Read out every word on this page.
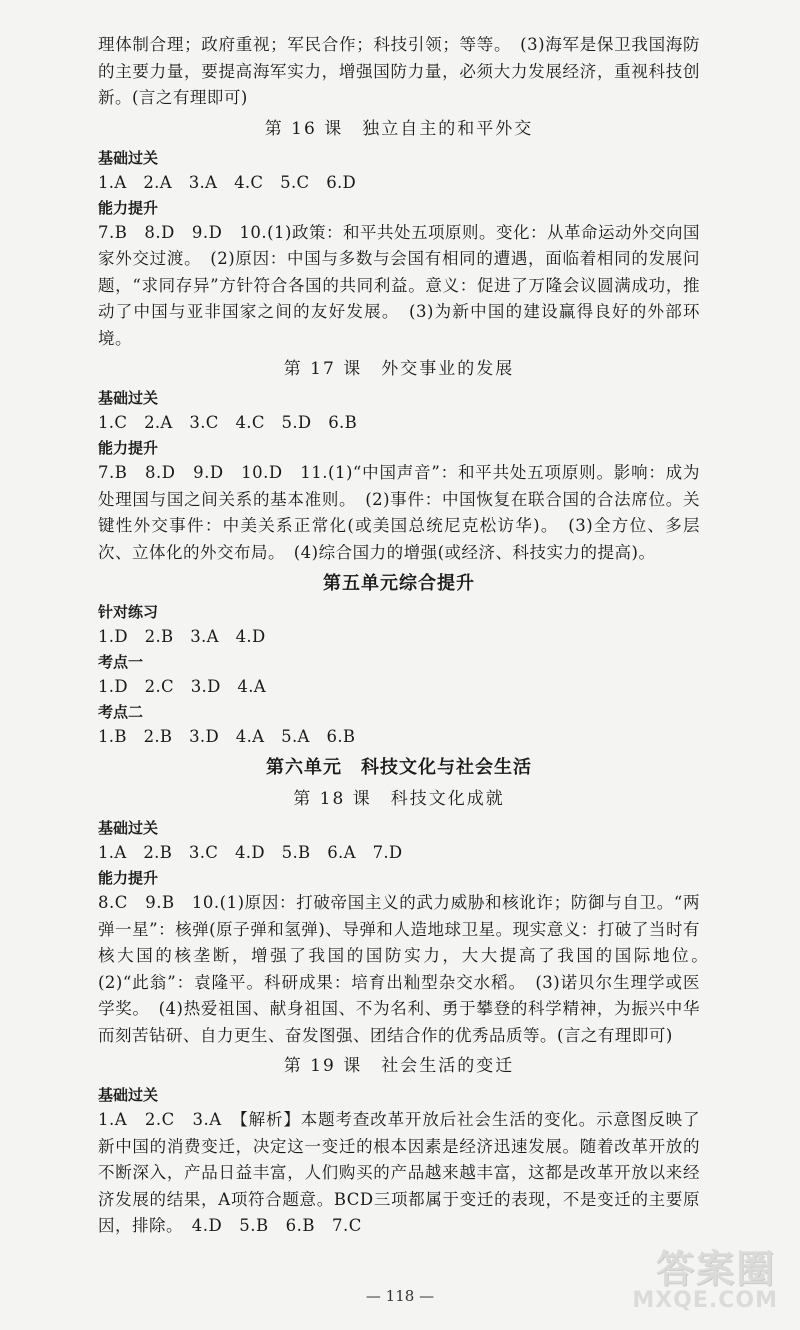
理体制合理；政府重视；军民合作；科技引领；等等。　(3)海军是保卫我国海防的主要力量，要提高海军实力，增强国防力量，必须大力发展经济，重视科技创新。(言之有理即可)

第 16 课　独立自主的和平外交

基础过关

1.A　2.A　3.A　4.C　5.C　6.D

能力提升

7.B　8.D　9.D　10.(1)政策：和平共处五项原则。变化：从革命运动外交向国家外交过渡。　(2)原因：中国与多数与会国有相同的遭遇，面临着相同的发展问题，“求同存异”方针符合各国的共同利益。意义：促进了万隆会议圆满成功，推动了中国与亚非国家之间的友好发展。　(3)为新中国的建设赢得良好的外部环境。

第 17 课　外交事业的发展

基础过关

1.C　2.A　3.C　4.C　5.D　6.B

能力提升

7.B　8.D　9.D　10.D　11.(1)“中国声音”：和平共处五项原则。影响：成为处理国与国之间关系的基本准则。　(2)事件：中国恢复在联合国的合法席位。关键性外交事件：中美关系正常化(或美国总统尼克松访华)。　(3)全方位、多层次、立体化的外交布局。　(4)综合国力的增强(或经济、科技实力的提高)。

第五单元综合提升

针对练习

1.D　2.B　3.A　4.D

考点一

1.D　2.C　3.D　4.A

考点二

1.B　2.B　3.D　4.A　5.A　6.B

第六单元　科技文化与社会生活
第 18 课　科技文化成就

基础过关

1.A　2.B　3.C　4.D　5.B　6.A　7.D

能力提升

8.C　9.B　10.(1)原因：打破帝国主义的武力威胁和核讹诈；防御与自卫。“两弹一星”：核弹(原子弹和氢弹)、导弹和人造地球卫星。现实意义：打破了当时有核大国的核垄断，增强了我国的国防实力，大大提高了我国的国际地位。　(2)“此翁”：袁隆平。科研成果：培育出籼型杂交水稻。　(3)诺贝尔生理学或医学奖。　(4)热爱祖国、献身祖国、不为名利、勇于攀登的科学精神，为振兴中华而刻苦钻研、自力更生、奋发图强、团结合作的优秀品质等。(言之有理即可)

第 19 课　社会生活的变迁

基础过关

1.A　2.C　3.A　【解析】本题考查改革开放后社会生活的变化。示意图反映了新中国的消费变迁，决定这一变迁的根本因素是经济迅速发展。随着改革开放的不断深入，产品日益丰富，人们购买的产品越来越丰富，这都是改革开放以来经济发展的结果，A项符合题意。BCD三项都属于变迁的表现，不是变迁的主要原因，排除。　4.D　5.B　6.B　7.C

— 118 —
答案圈
MXQE.COM
